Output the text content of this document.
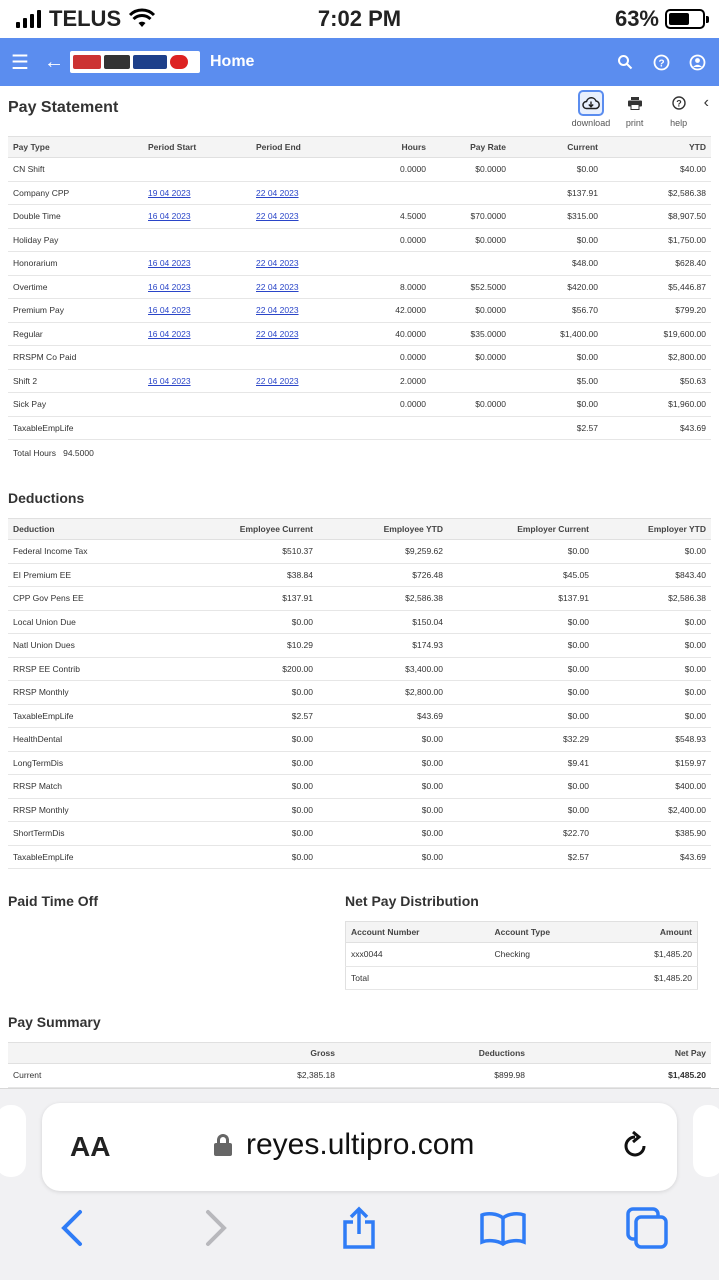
TELUS	7:02 PM	63%
☰ ←	Home	?
Pay Statement
download	print
?
help
‹
Pay Type	Period Start	Period End	Hours	Pay Rate	Current	YTD
CN Shift			0.0000	$0.0000	$0.00	$40.00
Company CPP	19 04 2023	22 04 2023			$137.91	$2,586.38
Double Time	16 04 2023	22 04 2023	4.5000	$70.0000	$315.00	$8,907.50
Holiday Pay			0.0000	$0.0000	$0.00	$1,750.00
Honorarium	16 04 2023	22 04 2023			$48.00	$628.40
Overtime	16 04 2023	22 04 2023	8.0000	$52.5000	$420.00	$5,446.87
Premium Pay	16 04 2023	22 04 2023	42.0000	$0.0000	$56.70	$799.20
Regular	16 04 2023	22 04 2023	40.0000	$35.0000	$1,400.00	$19,600.00
RRSPM Co Paid			0.0000	$0.0000	$0.00	$2,800.00
Shift 2	16 04 2023	22 04 2023	2.0000		$5.00	$50.63
Sick Pay			0.0000	$0.0000	$0.00	$1,960.00
TaxableEmpLife					$2.57	$43.69
Total Hours 94.5000
Deductions
Deduction	Employee Current	Employee YTD	Employer Current	Employer YTD
Federal Income Tax	$510.37	$9,259.62	$0.00	$0.00
EI Premium EE	$38.84	$726.48	$45.05	$843.40
CPP Gov Pens EE	$137.91	$2,586.38	$137.91	$2,586.38
Local Union Due	$0.00	$150.04	$0.00	$0.00
Natl Union Dues	$10.29	$174.93	$0.00	$0.00
RRSP EE Contrib	$200.00	$3,400.00	$0.00	$0.00
RRSP Monthly	$0.00	$2,800.00	$0.00	$0.00
TaxableEmpLife	$2.57	$43.69	$0.00	$0.00
HealthDental	$0.00	$0.00	$32.29	$548.93
LongTermDis	$0.00	$0.00	$9.41	$159.97
RRSP Match	$0.00	$0.00	$0.00	$400.00
RRSP Monthly	$0.00	$0.00	$0.00	$2,400.00
ShortTermDis	$0.00	$0.00	$22.70	$385.90
TaxableEmpLife	$0.00	$0.00	$2.57	$43.69
Paid Time Off	Net Pay Distribution
Account Number	Account Type	Amount
xxx0044	Checking	$1,485.20
Total		$1,485.20
Pay Summary
	Gross	Deductions	Net Pay
Current	$2,385.18	$899.98	$1,485.20

AA	reyes.ultipro.com
